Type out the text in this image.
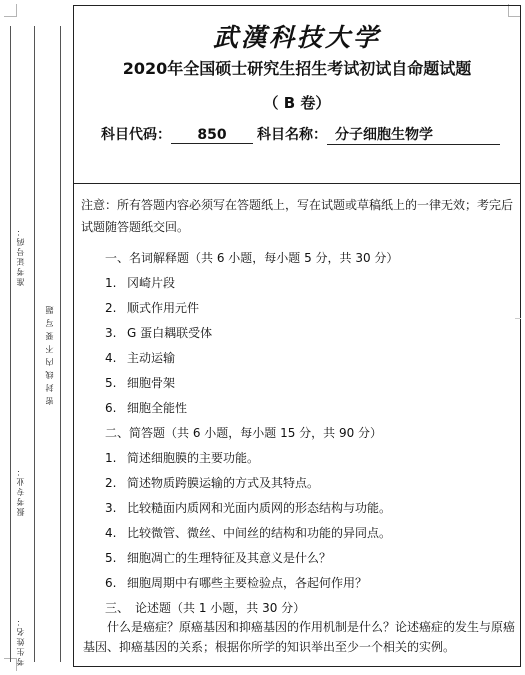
准考证号码：
报考专业：
考生姓名：
密封线内不要写题
武漢科技大学
2020年全国硕士研究生招生考试初试自命题试题
（ B 卷）
科目代码： 850 科目名称： 分子细胞生物学
注意：所有答题内容必须写在答题纸上，写在试题或草稿纸上的一律无效；考完后试题随答题纸交回。
一、名词解释题（共 6 小题，每小题 5 分，共 30 分）
1. 冈崎片段
2. 顺式作用元件
3. G 蛋白耦联受体
4. 主动运输
5. 细胞骨架
6. 细胞全能性
二、简答题（共 6 小题，每小题 15 分，共 90 分）
1. 简述细胞膜的主要功能。
2. 简述物质跨膜运输的方式及其特点。
3. 比较糙面内质网和光面内质网的形态结构与功能。
4. 比较微管、微丝、中间丝的结构和功能的异同点。
5. 细胞凋亡的生理特征及其意义是什么？
6. 细胞周期中有哪些主要检验点，各起何作用？
三、　论述题（共 1 小题，共 30 分）
什么是癌症？原癌基因和抑癌基因的作用机制是什么？论述癌症的发生与原癌基因、抑癌基因的关系；根据你所学的知识举出至少一个相关的实例。
